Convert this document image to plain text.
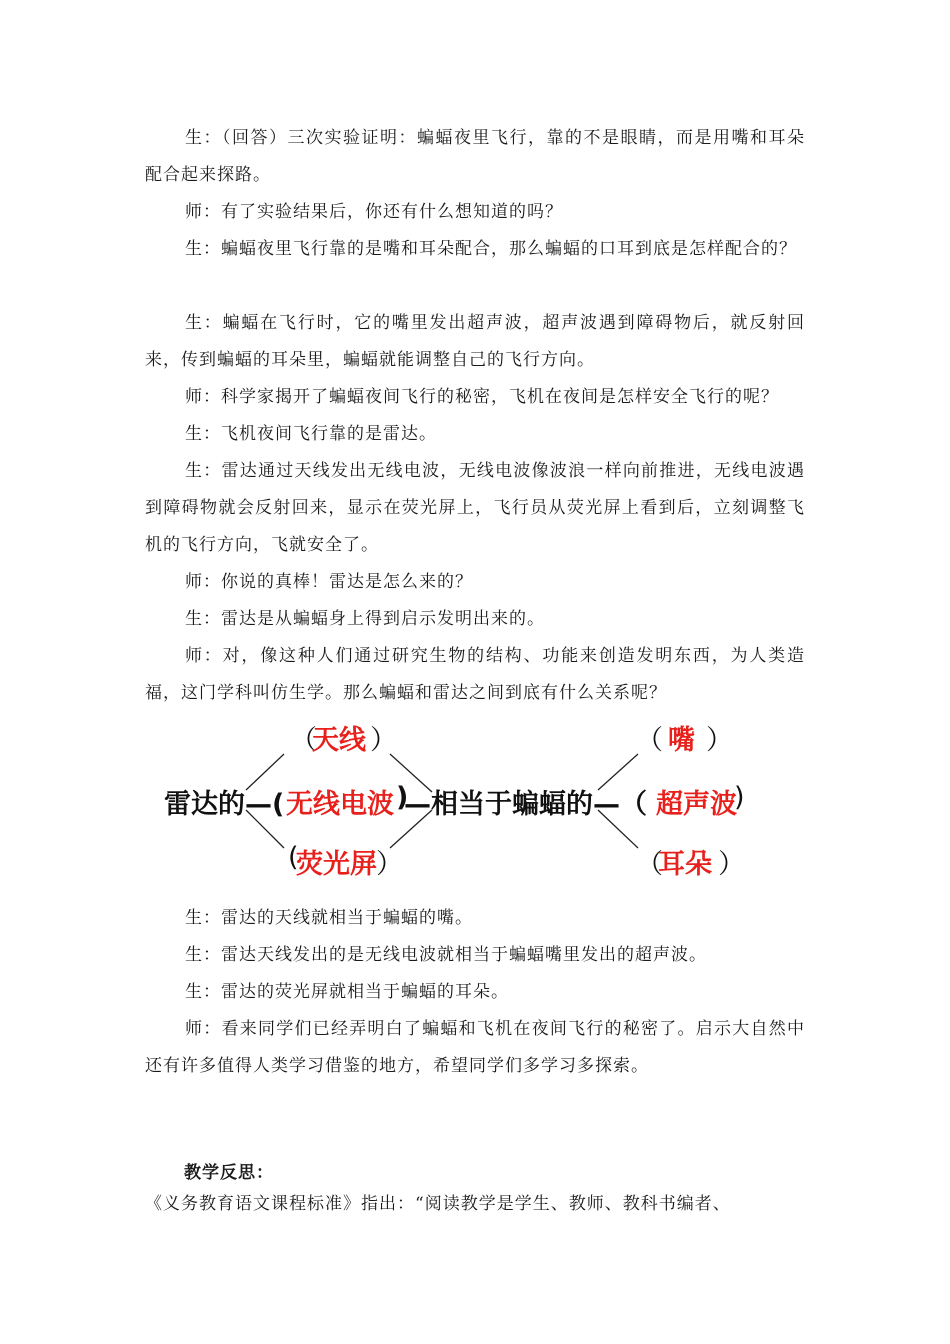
生：（回答）三次实验证明：蝙蝠夜里飞行，靠的不是眼睛，而是用嘴和耳朵配合起来探路。

师：有了实验结果后，你还有什么想知道的吗？

生：蝙蝠夜里飞行靠的是嘴和耳朵配合，那么蝙蝠的口耳到底是怎样配合的？

生：蝙蝠在飞行时，它的嘴里发出超声波，超声波遇到障碍物后，就反射回来，传到蝙蝠的耳朵里，蝙蝠就能调整自己的飞行方向。

师：科学家揭开了蝙蝠夜间飞行的秘密，飞机在夜间是怎样安全飞行的呢？

生：飞机夜间飞行靠的是雷达。

生：雷达通过天线发出无线电波，无线电波像波浪一样向前推进，无线电波遇到障碍物就会反射回来，显示在荧光屏上，飞行员从荧光屏上看到后，立刻调整飞机的飞行方向，飞就安全了。

师：你说的真棒！雷达是怎么来的？

生：雷达是从蝙蝠身上得到启示发明出来的。

师：对，像这种人们通过研究生物的结构、功能来创造发明东西，为人类造福，这门学科叫仿生学。那么蝙蝠和雷达之间到底有什么关系呢？

（
天线 ）	（ 嘴 ）
雷达的—( 无线电波 )
—相当于蝙蝠的—（ 超声波
)
(
荧光屏 ）	（
耳朵 ）

生：雷达的天线就相当于蝙蝠的嘴。

生：雷达天线发出的是无线电波就相当于蝙蝠嘴里发出的超声波。

生：雷达的荧光屏就相当于蝙蝠的耳朵。

师：看来同学们已经弄明白了蝙蝠和飞机在夜间飞行的秘密了。启示大自然中还有许多值得人类学习借鉴的地方，希望同学们多学习多探索。

教学反思：

《义务教育语文课程标准》指出：“阅读教学是学生、教师、教科书编者、
